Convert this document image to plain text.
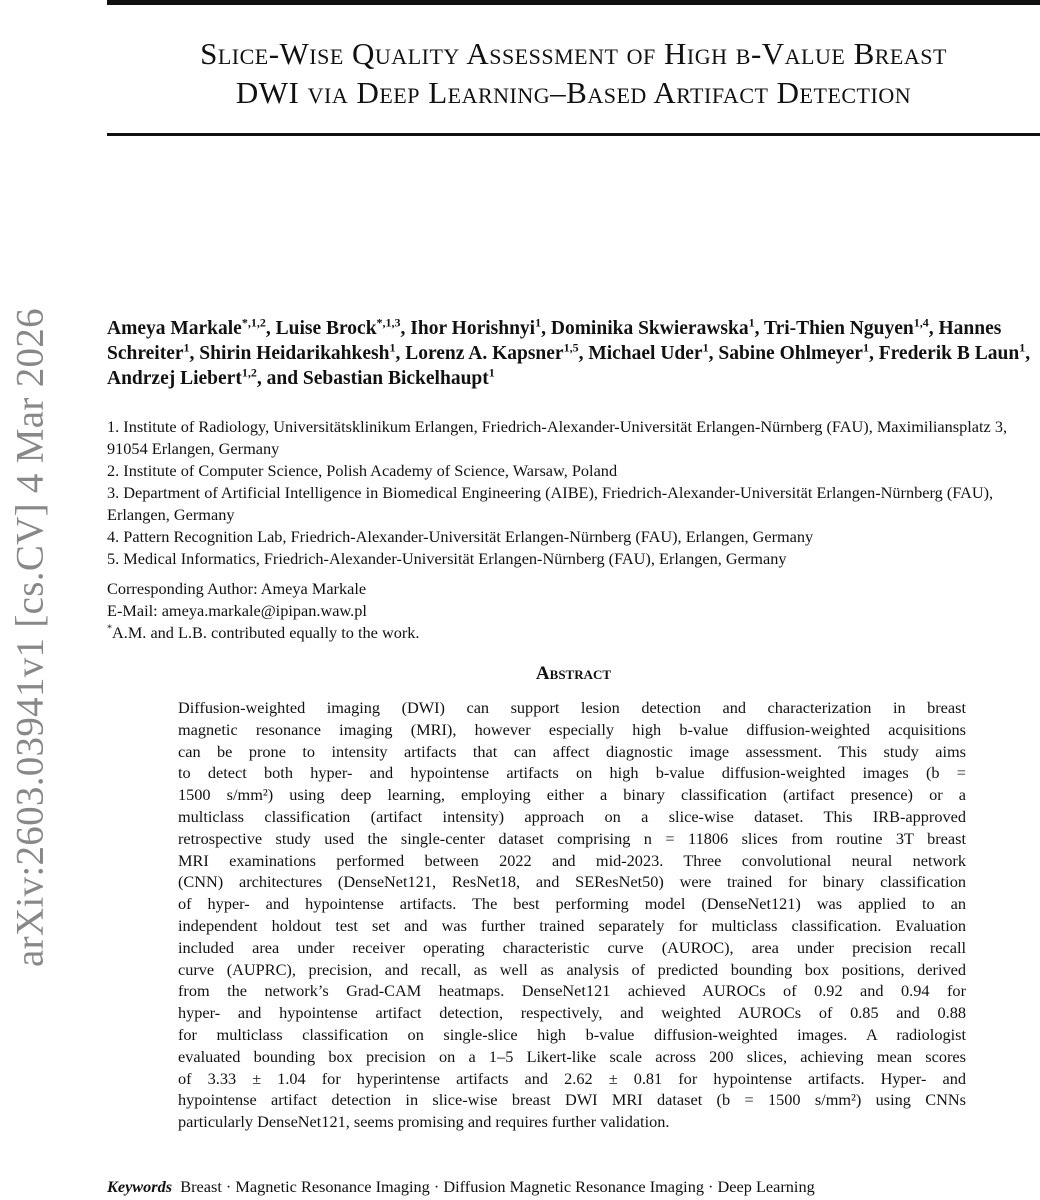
Slice-Wise Quality Assessment of High b-Value Breast
DWI via Deep Learning–Based Artifact Detection
arXiv:2603.03941v1 [cs.CV] 4 Mar 2026	Ameya Markale$^{*,1,2}$, Luise Brock$^{*,1,3}$, Ihor Horishnyi$^1$, Dominika Skwierawska$^1$, Tri-Thien Nguyen$^{1,4}$, Hannes Schreiter$^1$, Shirin Heidarikahkesh$^1$, Lorenz A. Kapsner$^{1,5}$, Michael Uder$^1$, Sabine Ohlmeyer$^1$, Frederik B Laun$^1$, Andrzej Liebert$^{1,2}$, and Sebastian Bickelhaupt$^1$
1. Institute of Radiology, Universitätsklinikum Erlangen, Friedrich-Alexander-Universität Erlangen-Nürnberg (FAU), Maximiliansplatz 3, 91054 Erlangen, Germany
2. Institute of Computer Science, Polish Academy of Science, Warsaw, Poland
3. Department of Artificial Intelligence in Biomedical Engineering (AIBE), Friedrich-Alexander-Universität Erlangen-Nürnberg (FAU), Erlangen, Germany
4. Pattern Recognition Lab, Friedrich-Alexander-Universität Erlangen-Nürnberg (FAU), Erlangen, Germany
5. Medical Informatics, Friedrich-Alexander-Universität Erlangen-Nürnberg (FAU), Erlangen, Germany
Corresponding Author: Ameya Markale
E-Mail: ameya.markale@ipipan.waw.pl
*A.M. and L.B. contributed equally to the work.
Abstract
Diffusion-weighted imaging (DWI) can support lesion detection and characterization in breast
magnetic resonance imaging (MRI), however especially high b-value diffusion-weighted acquisitions
can be prone to intensity artifacts that can affect diagnostic image assessment. This study aims
to detect both hyper- and hypointense artifacts on high b-value diffusion-weighted images (b =
1500 s/mm²) using deep learning, employing either a binary classification (artifact presence) or a
multiclass classification (artifact intensity) approach on a slice-wise dataset. This IRB-approved
retrospective study used the single-center dataset comprising n = 11806 slices from routine 3T breast
MRI examinations performed between 2022 and mid-2023. Three convolutional neural network
(CNN) architectures (DenseNet121, ResNet18, and SEResNet50) were trained for binary classification
of hyper- and hypointense artifacts. The best performing model (DenseNet121) was applied to an
independent holdout test set and was further trained separately for multiclass classification. Evaluation
included area under receiver operating characteristic curve (AUROC), area under precision recall
curve (AUPRC), precision, and recall, as well as analysis of predicted bounding box positions, derived
from the network’s Grad-CAM heatmaps. DenseNet121 achieved AUROCs of 0.92 and 0.94 for
hyper- and hypointense artifact detection, respectively, and weighted AUROCs of 0.85 and 0.88
for multiclass classification on single-slice high b-value diffusion-weighted images. A radiologist
evaluated bounding box precision on a 1–5 Likert-like scale across 200 slices, achieving mean scores
of 3.33 ± 1.04 for hyperintense artifacts and 2.62 ± 0.81 for hypointense artifacts. Hyper- and
hypointense artifact detection in slice-wise breast DWI MRI dataset (b = 1500 s/mm²) using CNNs
particularly DenseNet121, seems promising and requires further validation.
Keywords Breast · Magnetic Resonance Imaging · Diffusion Magnetic Resonance Imaging · Deep Learning
